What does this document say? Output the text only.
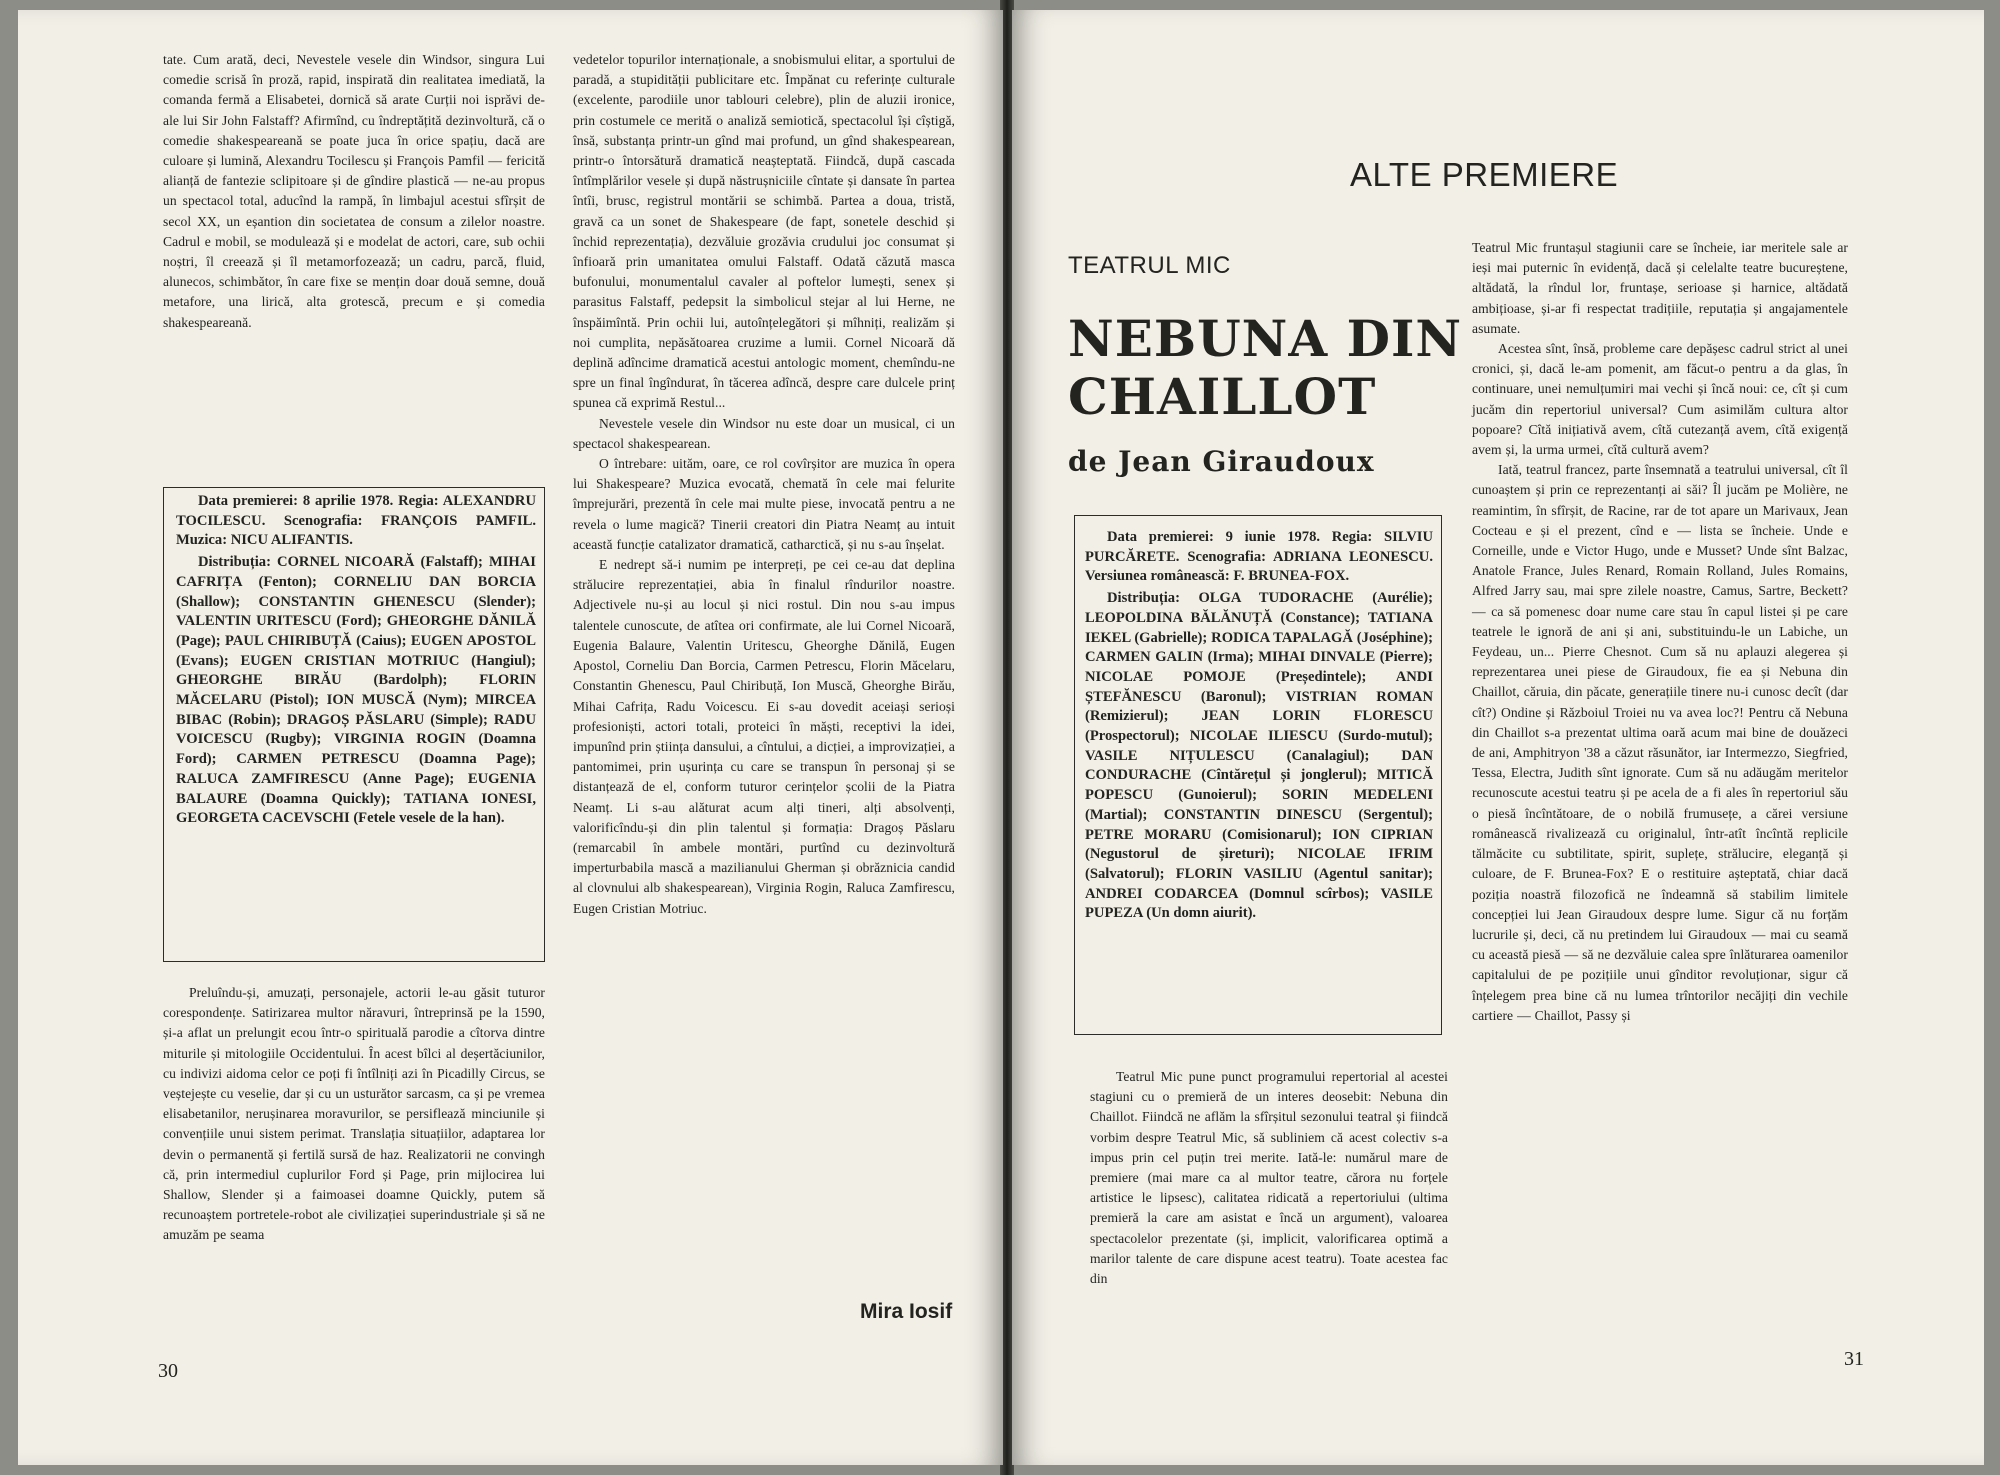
tate. Cum arată, deci, Nevestele vesele din Windsor, singura Lui comedie scrisă în proză, rapid, inspirată din realitatea imediată, la comanda fermă a Elisabetei, dornică să arate Curții noi isprăvi de-ale lui Sir John Falstaff? Afirmînd, cu îndreptățită dezinvoltură, că o comedie shakespeareană se poate juca în orice spațiu, dacă are culoare și lumină, Alexandru Tocilescu și François Pamfil — fericită alianță de fantezie sclipitoare și de gîndire plastică — ne-au propus un spectacol total, aducînd la rampă, în limbajul acestui sfîrșit de secol XX, un eșantion din societatea de consum a zilelor noastre. Cadrul e mobil, se modulează și e modelat de actori, care, sub ochii noștri, îl creează și îl metamorfozează; un cadru, parcă, fluid, alunecos, schimbător, în care fixe se mențin doar două semne, două metafore, una lirică, alta grotescă, precum e și comedia shakespeareană.

Data premierei: 8 aprilie 1978. Regia: ALEXANDRU TOCILESCU. Scenografia: FRANÇOIS PAMFIL. Muzica: NICU ALIFANTIS.

Distribuția: CORNEL NICOARĂ (Falstaff); MIHAI CAFRIȚA (Fenton); CORNELIU DAN BORCIA (Shallow); CONSTANTIN GHENESCU (Slender); VALENTIN URITESCU (Ford); GHEORGHE DĂNILĂ (Page); PAUL CHIRIBUȚĂ (Caius); EUGEN APOSTOL (Evans); EUGEN CRISTIAN MOTRIUC (Hangiul); GHEORGHE BIRĂU (Bardolph); FLORIN MĂCELARU (Pistol); ION MUSCĂ (Nym); MIRCEA BIBAC (Robin); DRAGOȘ PĂSLARU (Simple); RADU VOICESCU (Rugby); VIRGINIA ROGIN (Doamna Ford); CARMEN PETRESCU (Doamna Page); RALUCA ZAMFIRESCU (Anne Page); EUGENIA BALAURE (Doamna Quickly); TATIANA IONESI, GEORGETA CACEVSCHI (Fetele vesele de la han).

Preluîndu-și, amuzați, personajele, actorii le-au găsit tuturor corespondențe. Satirizarea multor năravuri, întreprinsă pe la 1590, și-a aflat un prelungit ecou într-o spirituală parodie a cîtorva dintre miturile și mitologiile Occidentului. În acest bîlci al deșertăciunilor, cu indivizi aidoma celor ce poți fi întîlniți azi în Picadilly Circus, se veștejește cu veselie, dar și cu un usturător sarcasm, ca și pe vremea elisabetanilor, nerușinarea moravurilor, se persiflează minciunile și convențiile unui sistem perimat. Translația situațiilor, adaptarea lor devin o permanentă și fertilă sursă de haz. Realizatorii ne convingh că, prin intermediul cuplurilor Ford și Page, prin mijlocirea lui Shallow, Slender și a faimoasei doamne Quickly, putem să recunoaștem portretele-robot ale civilizației superindustriale și să ne amuzăm pe seama

vedetelor topurilor internaționale, a snobismului elitar, a sportului de paradă, a stupidității publicitare etc. Împănat cu referințe culturale (excelente, parodiile unor tablouri celebre), plin de aluzii ironice, prin costumele ce merită o analiză semiotică, spectacolul își cîștigă, însă, substanța printr-un gînd mai profund, un gînd shakespearean, printr-o întorsătură dramatică neașteptată. Fiindcă, după cascada întîmplărilor vesele și după năstrușniciile cîntate și dansate în partea întîi, brusc, registrul montării se schimbă. Partea a doua, tristă, gravă ca un sonet de Shakespeare (de fapt, sonetele deschid și închid reprezentația), dezvăluie grozăvia crudului joc consumat și înfioară prin umanitatea omului Falstaff. Odată căzută masca bufonului, monumentalul cavaler al poftelor lumești, senex și parasitus Falstaff, pedepsit la simbolicul stejar al lui Herne, ne înspăimîntă. Prin ochii lui, autoînțelegători și mîhniți, realizăm și noi cumplita, nepăsătoarea cruzime a lumii. Cornel Nicoară dă deplină adîncime dramatică acestui antologic moment, chemîndu-ne spre un final îngîndurat, în tăcerea adîncă, despre care dulcele prinț spunea că exprimă Restul...

Nevestele vesele din Windsor nu este doar un musical, ci un spectacol shakespearean.

O întrebare: uităm, oare, ce rol covîrșitor are muzica în opera lui Shakespeare? Muzica evocată, chemată în cele mai felurite împrejurări, prezentă în cele mai multe piese, invocată pentru a ne revela o lume magică? Tinerii creatori din Piatra Neamț au intuit această funcție catalizator dramatică, catharctică, și nu s-au înșelat.

E nedrept să-i numim pe interpreți, pe cei ce-au dat deplina strălucire reprezentației, abia în finalul rîndurilor noastre. Adjectivele nu-și au locul și nici rostul. Din nou s-au impus talentele cunoscute, de atîtea ori confirmate, ale lui Cornel Nicoară, Eugenia Balaure, Valentin Uritescu, Gheorghe Dănilă, Eugen Apostol, Corneliu Dan Borcia, Carmen Petrescu, Florin Măcelaru, Constantin Ghenescu, Paul Chiribuță, Ion Muscă, Gheorghe Birău, Mihai Cafrița, Radu Voicescu. Ei s-au dovedit aceiași serioși profesioniști, actori totali, proteici în măști, receptivi la idei, impunînd prin știința dansului, a cîntului, a dicției, a improvizației, a pantomimei, prin ușurința cu care se transpun în personaj și se distanțează de el, conform tuturor cerințelor școlii de la Piatra Neamț. Li s-au alăturat acum alți tineri, alți absolvenți, valorificîndu-și din plin talentul și formația: Dragoș Păslaru (remarcabil în ambele montări, purtînd cu dezinvoltură imperturbabila mască a mazilianului Gherman și obrăznicia candid al clovnului alb shakespearean), Virginia Rogin, Raluca Zamfirescu, Eugen Cristian Motriuc.

Mira Iosif
30
ALTE PREMIERE
TEATRUL MIC
NEBUNA DIN
CHAILLOT
de Jean Giraudoux

Data premierei: 9 iunie 1978. Regia: SILVIU PURCĂRETE. Scenografia: ADRIANA LEONESCU. Versiunea românească: F. BRUNEA-FOX.

Distribuția: OLGA TUDORACHE (Aurélie); LEOPOLDINA BĂLĂNUȚĂ (Constance); TATIANA IEKEL (Gabrielle); RODICA TAPALAGĂ (Joséphine); CARMEN GALIN (Irma); MIHAI DINVALE (Pierre); NICOLAE POMOJE (Președintele); ANDI ȘTEFĂNESCU (Baronul); VISTRIAN ROMAN (Remizierul); JEAN LORIN FLORESCU (Prospectorul); NICOLAE ILIESCU (Surdo-mutul); VASILE NIȚULESCU (Canalagiul); DAN CONDURACHE (Cîntărețul și jonglerul); MITICĂ POPESCU (Gunoierul); SORIN MEDELENI (Martial); CONSTANTIN DINESCU (Sergentul); PETRE MORARU (Comisionarul); ION CIPRIAN (Negustorul de șireturi); NICOLAE IFRIM (Salvatorul); FLORIN VASILIU (Agentul sanitar); ANDREI CODARCEA (Domnul scîrbos); VASILE PUPEZA (Un domn aiurit).

Teatrul Mic pune punct programului repertorial al acestei stagiuni cu o premieră de un interes deosebit: Nebuna din Chaillot. Fiindcă ne aflăm la sfîrșitul sezonului teatral și fiindcă vorbim despre Teatrul Mic, să subliniem că acest colectiv s-a impus prin cel puțin trei merite. Iată-le: numărul mare de premiere (mai mare ca al multor teatre, cărora nu forțele artistice le lipsesc), calitatea ridicată a repertoriului (ultima premieră la care am asistat e încă un argument), valoarea spectacolelor prezentate (și, implicit, valorificarea optimă a marilor talente de care dispune acest teatru). Toate acestea fac din

Teatrul Mic fruntașul stagiunii care se încheie, iar meritele sale ar ieși mai puternic în evidență, dacă și celelalte teatre bucureștene, altădată, la rîndul lor, fruntașe, serioase și harnice, altădată ambițioase, și-ar fi respectat tradițiile, reputația și angajamentele asumate.

Acestea sînt, însă, probleme care depășesc cadrul strict al unei cronici, și, dacă le-am pomenit, am făcut-o pentru a da glas, în continuare, unei nemulțumiri mai vechi și încă noui: ce, cît și cum jucăm din repertoriul universal? Cum asimilăm cultura altor popoare? Cîtă inițiativă avem, cîtă cutezanță avem, cîtă exigență avem și, la urma urmei, cîtă cultură avem?

Iată, teatrul francez, parte însemnată a teatrului universal, cît îl cunoaștem și prin ce reprezentanți ai săi? Îl jucăm pe Molière, ne reamintim, în sfîrșit, de Racine, rar de tot apare un Marivaux, Jean Cocteau e și el prezent, cînd e — lista se încheie. Unde e Corneille, unde e Victor Hugo, unde e Musset? Unde sînt Balzac, Anatole France, Jules Renard, Romain Rolland, Jules Romains, Alfred Jarry sau, mai spre zilele noastre, Camus, Sartre, Beckett? — ca să pomenesc doar nume care stau în capul listei și pe care teatrele le ignoră de ani și ani, substituindu-le un Labiche, un Feydeau, un... Pierre Chesnot. Cum să nu aplauzi alegerea și reprezentarea unei piese de Giraudoux, fie ea și Nebuna din Chaillot, căruia, din păcate, generațiile tinere nu-i cunosc decît (dar cît?) Ondine și Războiul Troiei nu va avea loc?! Pentru că Nebuna din Chaillot s-a prezentat ultima oară acum mai bine de douăzeci de ani, Amphitryon '38 a căzut răsunător, iar Intermezzo, Siegfried, Tessa, Electra, Judith sînt ignorate. Cum să nu adăugăm meritelor recunoscute acestui teatru și pe acela de a fi ales în repertoriul său o piesă încîntătoare, de o nobilă frumusețe, a cărei versiune românească rivalizează cu originalul, într-atît încîntă replicile tălmăcite cu subtilitate, spirit, suplețe, strălucire, eleganță și culoare, de F. Brunea-Fox? E o restituire așteptată, chiar dacă poziția noastră filozofică ne îndeamnă să stabilim limitele concepției lui Jean Giraudoux despre lume. Sigur că nu forțăm lucrurile și, deci, că nu pretindem lui Giraudoux — mai cu seamă cu această piesă — să ne dezvăluie calea spre înlăturarea oamenilor capitalului de pe pozițiile unui gînditor revoluționar, sigur că înțelegem prea bine că nu lumea trîntorilor necăjiți din vechile cartiere — Chaillot, Passy și

31
